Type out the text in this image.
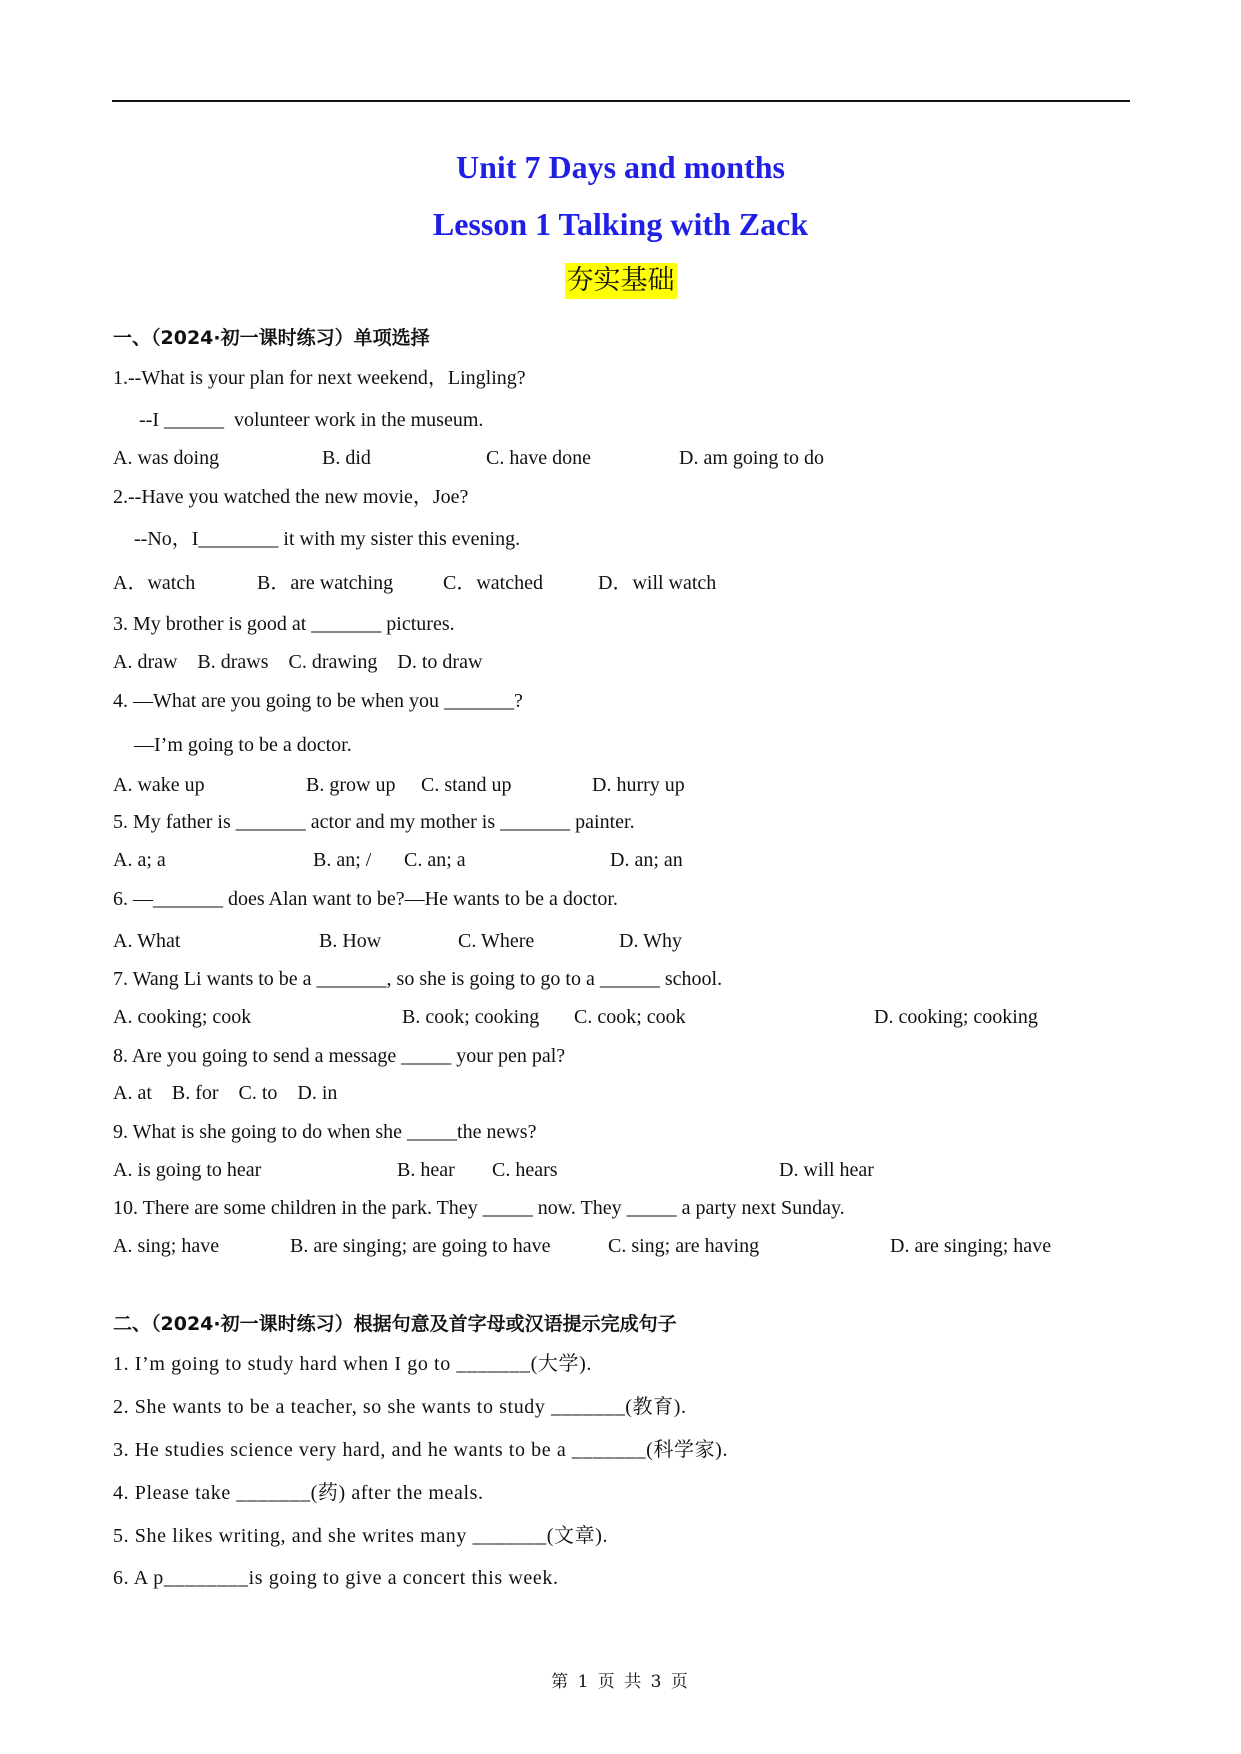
Unit 7 Days and months
Lesson 1 Talking with Zack
夯实基础
一、（2024·初一课时练习）单项选择
1.--What is your plan for next weekend，Lingling?
--I ______  volunteer work in the museum.
A. was doing	B. did	C. have done	D. am going to do
2.--Have you watched the new movie，Joe?
--No，I________ it with my sister this evening.
A．watch	B．are watching C．watched	D．will watch
3. My brother is good at _______ pictures.
A. draw    B. draws    C. drawing    D. to draw
4. —What are you going to be when you _______?
—I’m going to be a doctor.
A. wake up	B. grow up C. stand up	D. hurry up
5. My father is _______ actor and my mother is _______ painter.
A. a; a	B. an; / C. an; a	D. an; an
6. —_______ does Alan want to be?—He wants to be a doctor.
A. What	B. How	C. Where	D. Why
7. Wang Li wants to be a _______, so she is going to go to a ______ school.
A. cooking; cook	B. cook; cooking C. cook; cook	D. cooking; cooking
8. Are you going to send a message _____ your pen pal?
A. at    B. for    C. to    D. in
9. What is she going to do when she _____the news?
A. is going to hear	B. hear C. hears	D. will hear
10. There are some children in the park. They _____ now. They _____ a party next Sunday.
A. sing; have	B. are singing; are going to have	C. sing; are having	D. are singing; have
二、（2024·初一课时练习）根据句意及首字母或汉语提示完成句子
1. I’m going to study hard when I go to _______(大学).
2. She wants to be a teacher, so she wants to study _______(教育).
3. He studies science very hard, and he wants to be a _______(科学家).
4. Please take _______(药) after the meals.
5. She likes writing, and she writes many _______(文章).
6. A p________is going to give a concert this week.
第 1 页 共 3 页
